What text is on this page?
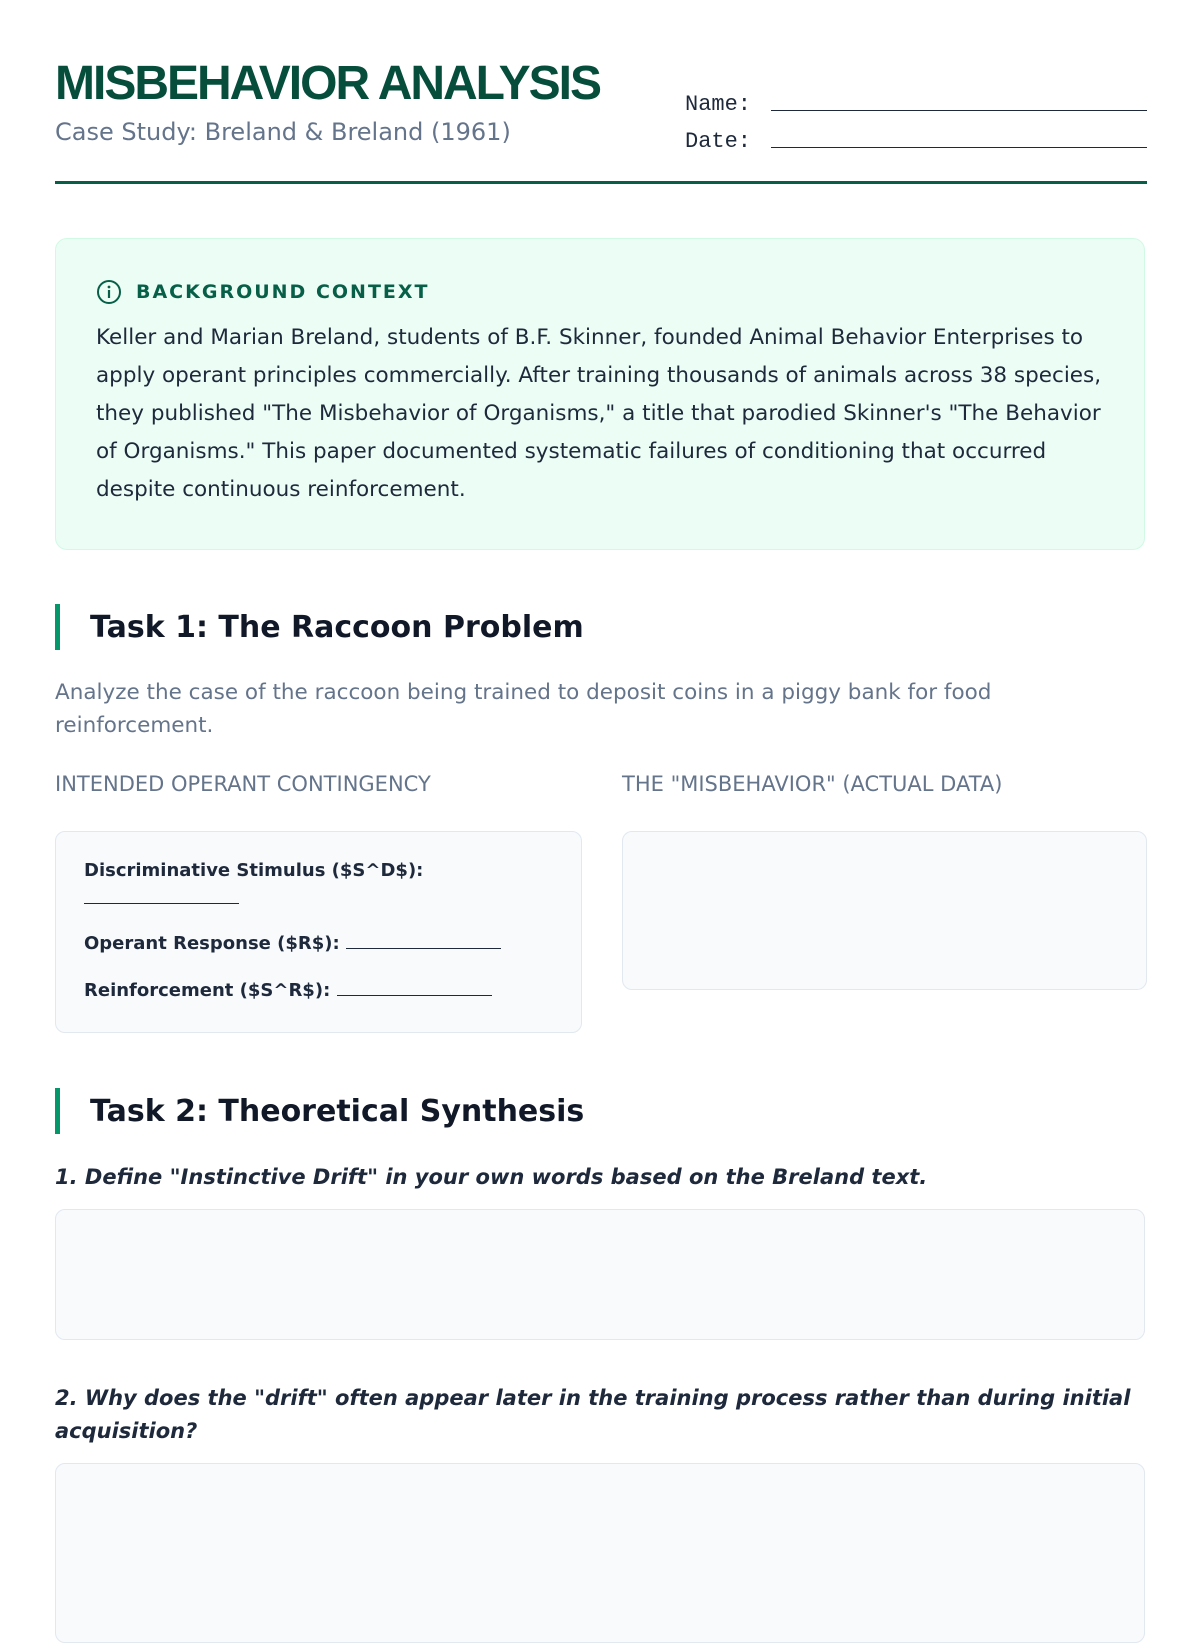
MISBEHAVIOR ANALYSIS
Case Study: Breland & Breland (1961)
Name:
Date:
BACKGROUND CONTEXT

Keller and Marian Breland, students of B.F. Skinner, founded Animal Behavior Enterprises to apply operant principles commercially. After training thousands of animals across 38 species, they published "The Misbehavior of Organisms," a title that parodied Skinner's "The Behavior of Organisms." This paper documented systematic failures of conditioning that occurred despite continuous reinforcement.

Task 1: The Raccoon Problem

Analyze the case of the raccoon being trained to deposit coins in a piggy bank for food reinforcement.

INTENDED OPERANT CONTINGENCY	THE "MISBEHAVIOR" (ACTUAL DATA)
Discriminative Stimulus ($S^D$):
Operant Response ($R$):
Reinforcement ($S^R$):
Task 2: Theoretical Synthesis

1. Define "Instinctive Drift" in your own words based on the Breland text.

2. Why does the "drift" often appear later in the training process rather than during initial acquisition?
